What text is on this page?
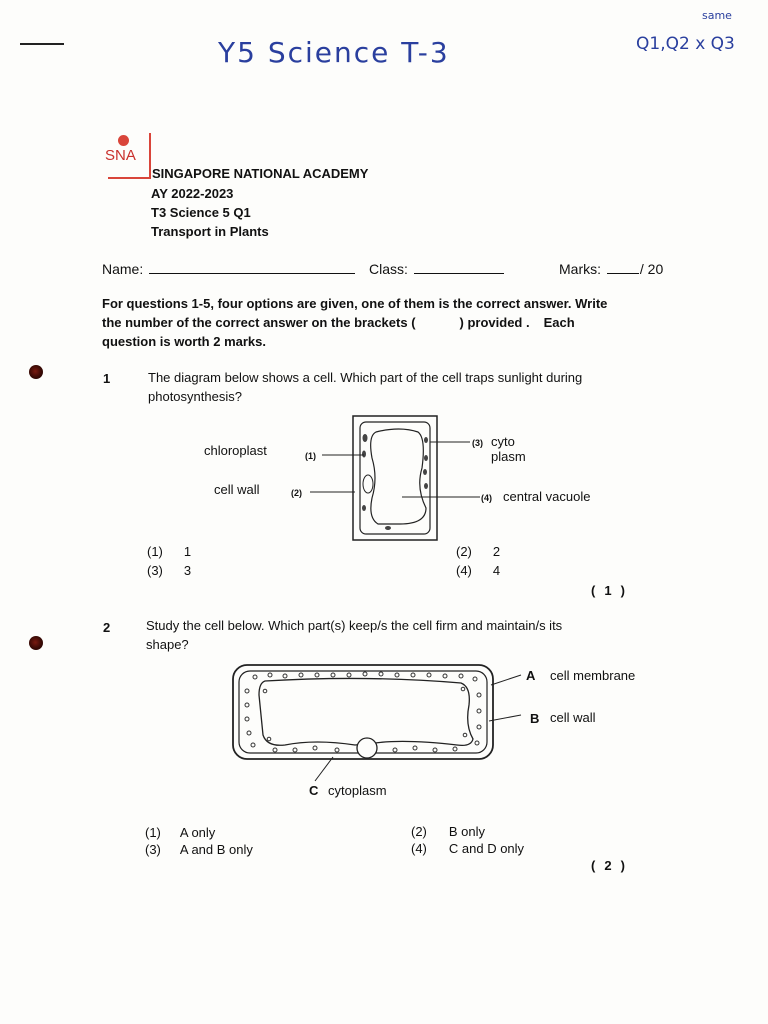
Y5 Science T-3
same
Q1,Q2 x Q3
SNA
SINGAPORE NATIONAL ACADEMY
AY 2022-2023
T3 Science 5 Q1
Transport in Plants
Name:	Class:	Marks:	/ 20
For questions 1-5, four options are given, one of them is the correct answer. Write
the number of the correct answer on the brackets (	) provided . Each
question is worth 2 marks.
1	The diagram below shows a cell. Which part of the cell traps sunlight during
photosynthesis?
chloroplast	(1)
cell wall	(2)
(3) cyto
plasm
(4) central vacuole
(1) 1	(2) 2
(3) 3	(4) 4
( 1 )
2	Study the cell below. Which part(s) keep/s the cell firm and maintain/s its
shape?
A cell membrane
B cell wall
C cytoplasm
(1) A only	(2) B only
(3) A and B only	(4) C and D only
( 2 )
